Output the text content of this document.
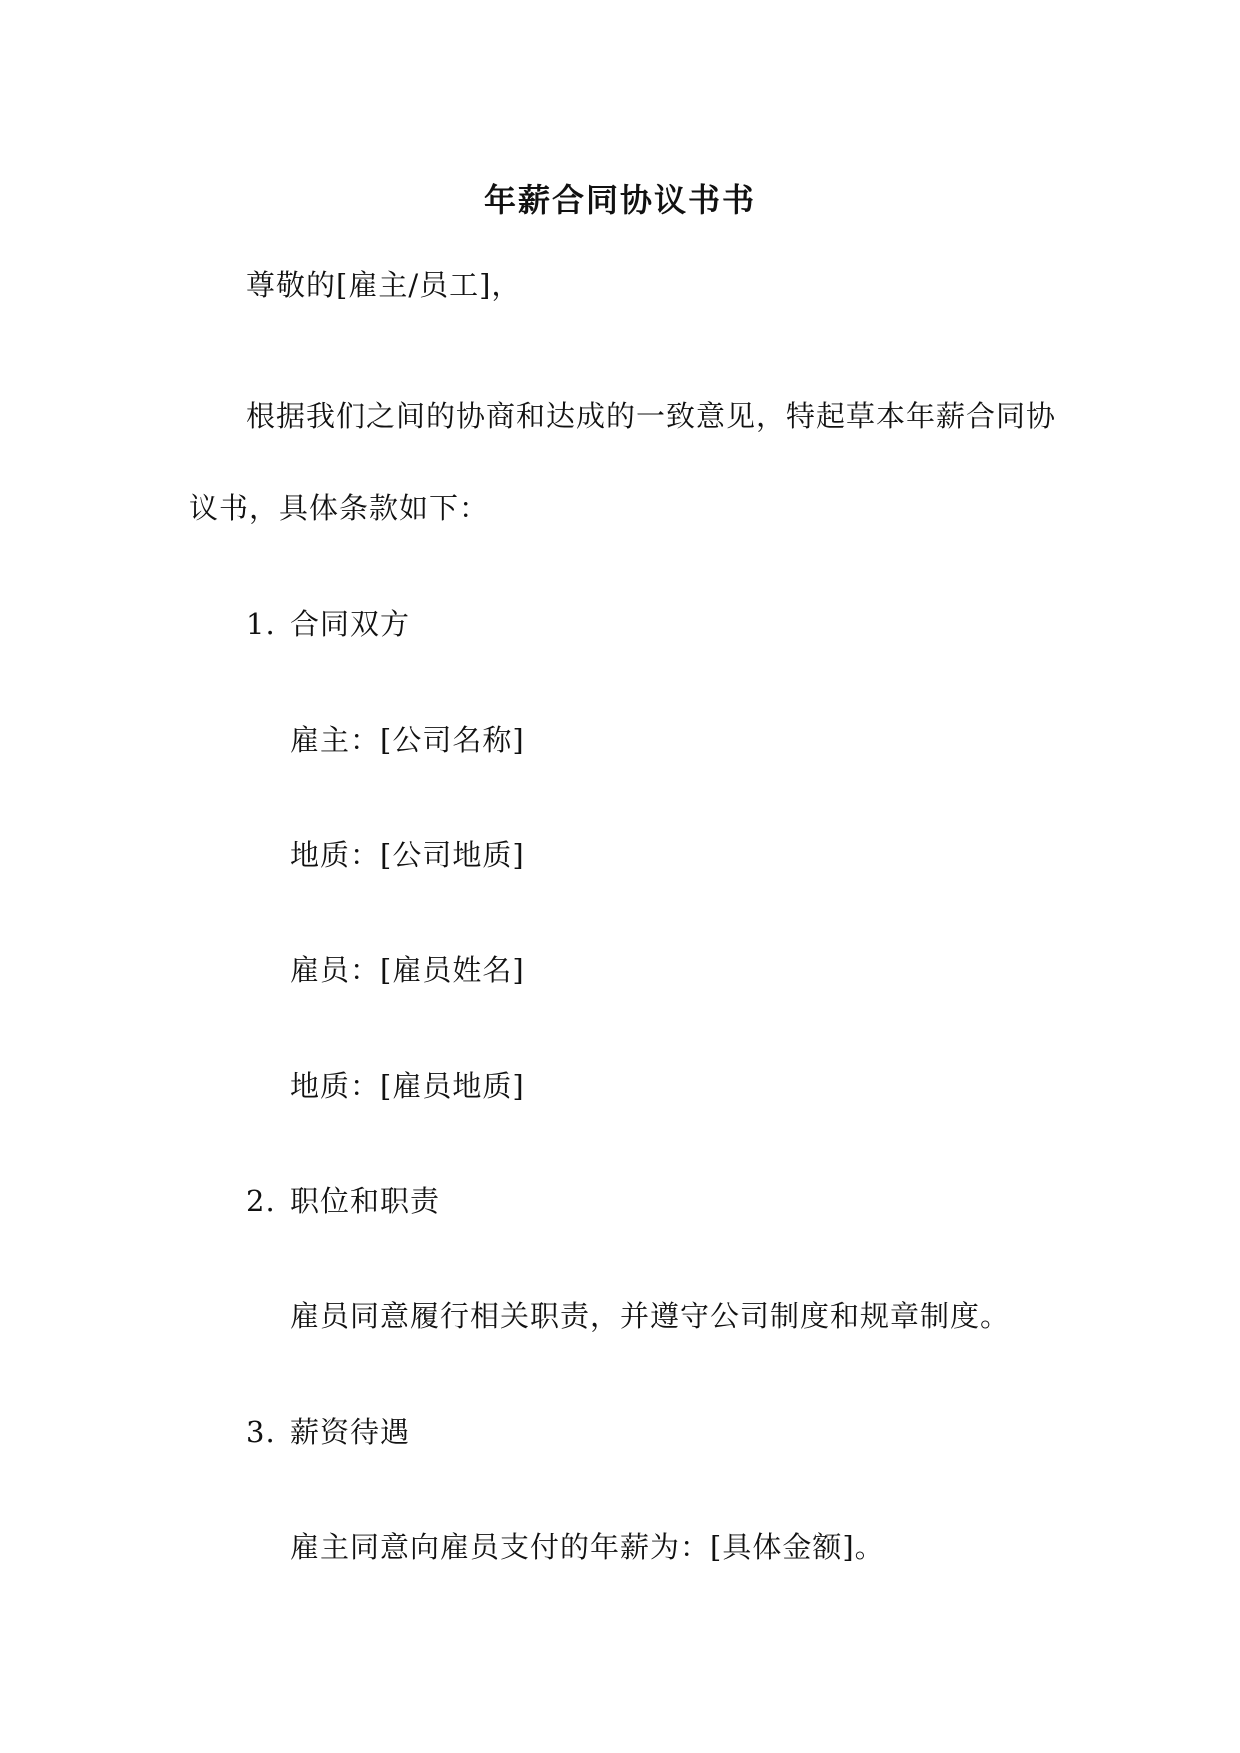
年薪合同协议书书
尊敬的[雇主/员工]，
根据我们之间的协商和达成的一致意见，特起草本年薪合同协
议书，具体条款如下：
1. 合同双方
雇主：[公司名称]
地质：[公司地质]
雇员：[雇员姓名]
地质：[雇员地质]
2. 职位和职责
雇员同意履行相关职责，并遵守公司制度和规章制度。
3. 薪资待遇
雇主同意向雇员支付的年薪为：[具体金额]。
